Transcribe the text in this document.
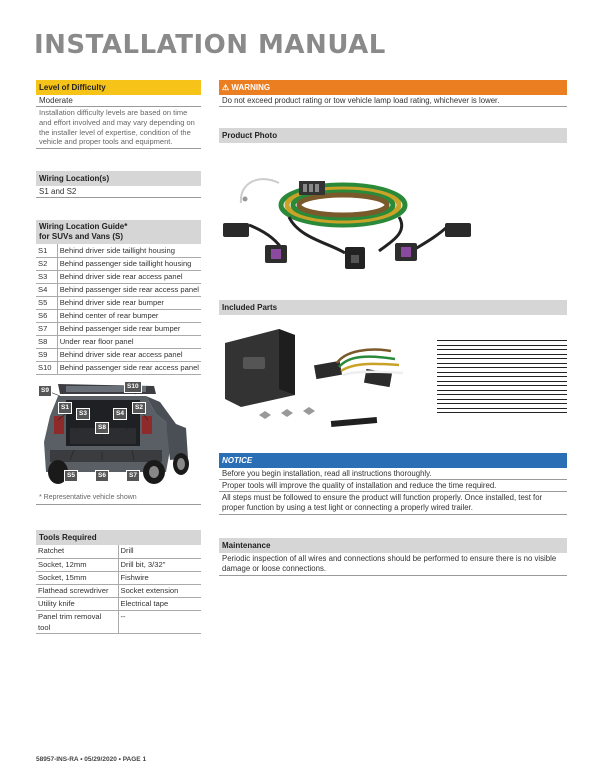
INSTALLATION MANUAL
Level of Difficulty
Moderate
Installation difficulty levels are based on time and effort involved and may vary depending on the installer level of expertise, condition of the vehicle and proper tools and equipment.
Wiring Location(s)
S1 and S2
Wiring Location Guide*
for SUVs and Vans (S)
S1	Behind driver side taillight housing
S2	Behind passenger side taillight housing
S3	Behind driver side rear access panel
S4	Behind passenger side rear access panel
S5	Behind driver side rear bumper
S6	Behind center of rear bumper
S7	Behind passenger side rear bumper
S8	Under rear floor panel
S9	Behind driver side rear access panel
S10	Behind passenger side rear access panel
S9
S10
S1	S2
S3	S4
S8
S5	S6	S7
* Representative vehicle shown
Tools Required
Ratchet	Drill
Socket, 12mm	Drill bit, 3/32"
Socket, 15mm	Fishwire
Flathead screwdriver	Socket extension
Utility knife	Electrical tape
Panel trim removal tool	--
⚠ WARNING
Do not exceed product rating or tow vehicle lamp load rating, whichever is lower.
Product Photo
Included Parts
NOTICE
Before you begin installation, read all instructions thoroughly.
Proper tools will improve the quality of installation and reduce the time required.
All steps must be followed to ensure the product will function properly. Once installed, test for proper function by using a test light or connecting a properly wired trailer.
Maintenance
Periodic inspection of all wires and connections should be performed to ensure there is no visible damage or loose connections.
58957-INS-RA • 05/29/2020 • PAGE 1
